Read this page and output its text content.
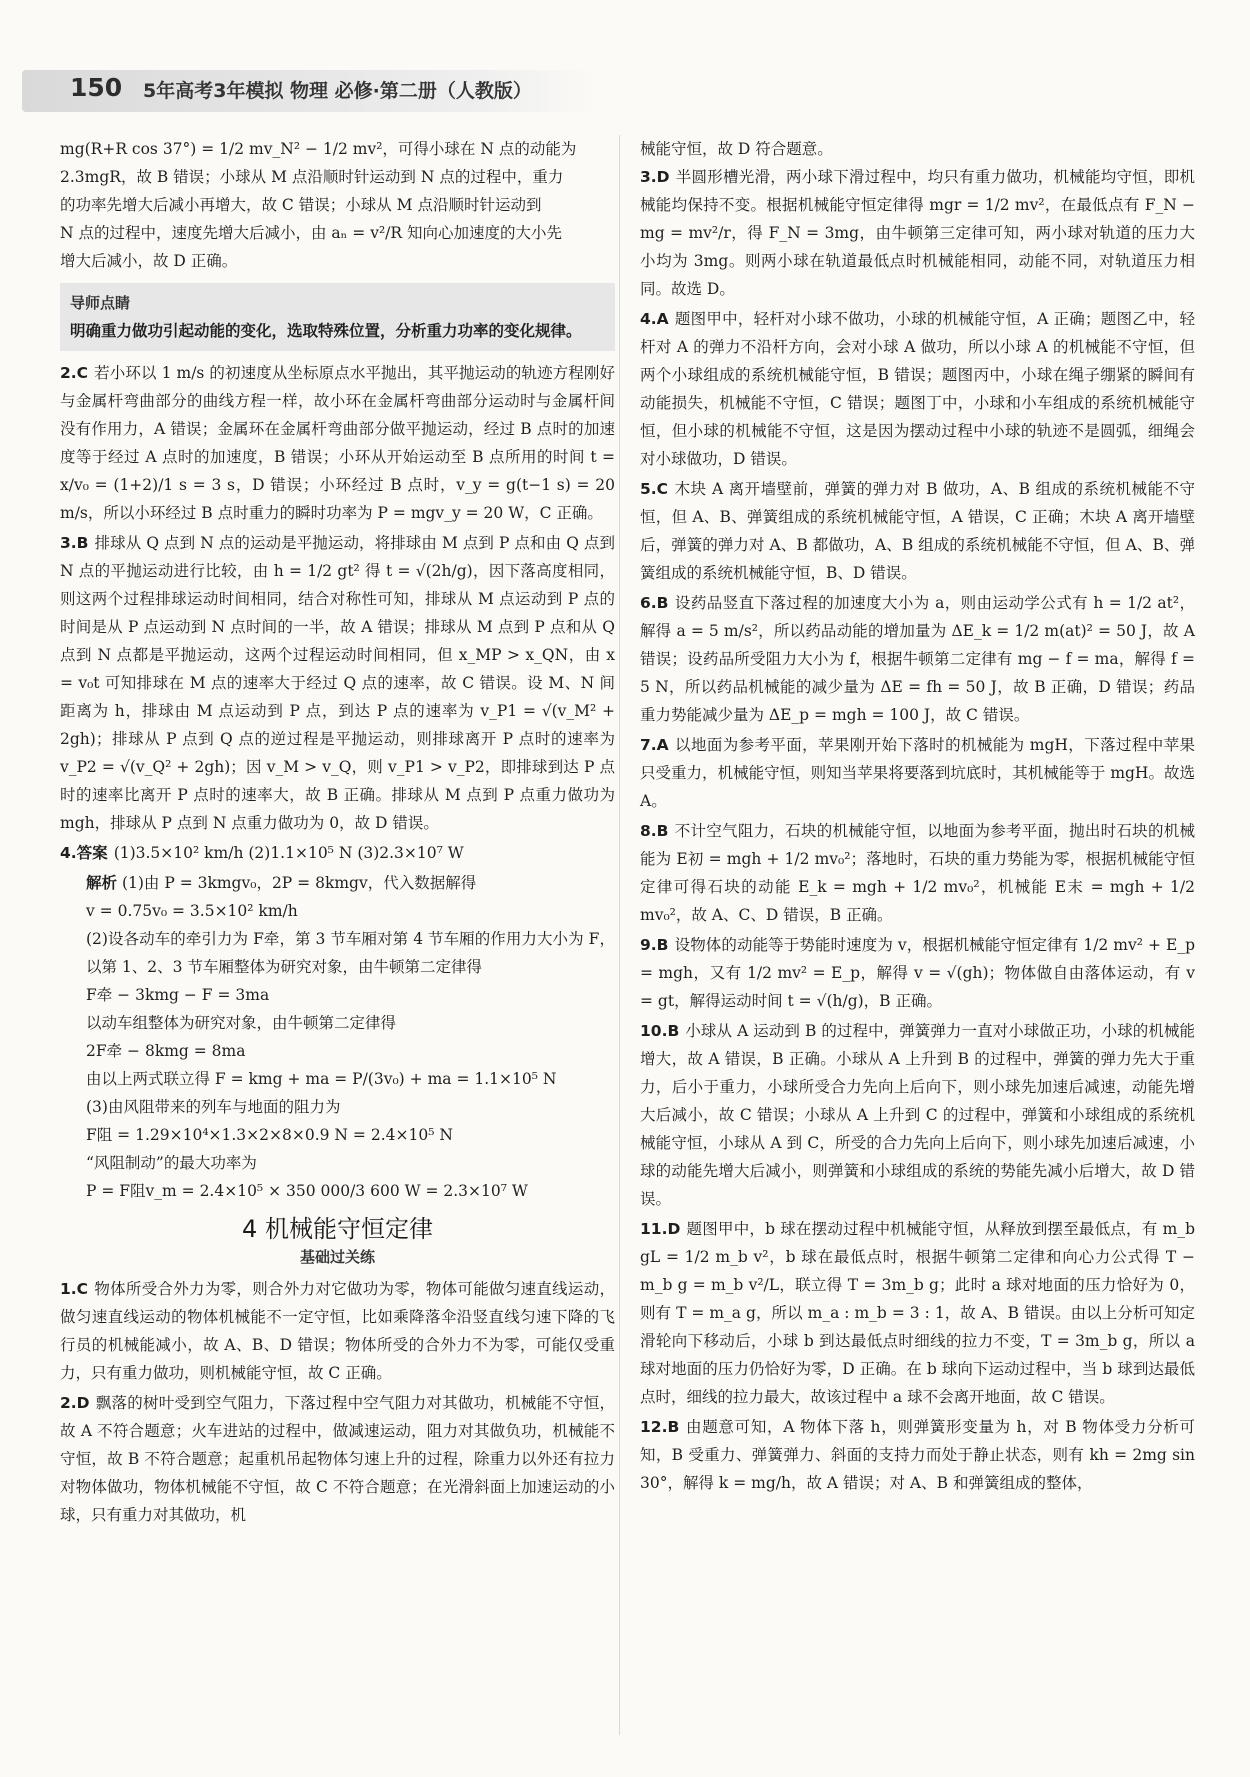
150 5年高考3年模拟 物理 必修·第二册（人教版）

mg(R+R cos 37°) = 1/2 mv_N² − 1/2 mv²，可得小球在 N 点的动能为

2.3mgR，故 B 错误；小球从 M 点沿顺时针运动到 N 点的过程中，重力

的功率先增大后减小再增大，故 C 错误；小球从 M 点沿顺时针运动到

N 点的过程中，速度先增大后减小，由 aₙ = v²/R 知向心加速度的大小先

增大后减小，故 D 正确。

导师点睛
明确重力做功引起动能的变化，选取特殊位置，分析重力功率的变化规律。

2.C 若小环以 1 m/s 的初速度从坐标原点水平抛出，其平抛运动的轨迹方程刚好与金属杆弯曲部分的曲线方程一样，故小环在金属杆弯曲部分运动时与金属杆间没有作用力，A 错误；金属环在金属杆弯曲部分做平抛运动，经过 B 点时的加速度等于经过 A 点时的加速度，B 错误；小环从开始运动至 B 点所用的时间 t = x/v₀ = (1+2)/1 s = 3 s，D 错误；小环经过 B 点时，v_y = g(t−1 s) = 20 m/s，所以小环经过 B 点时重力的瞬时功率为 P = mgv_y = 20 W，C 正确。

3.B 排球从 Q 点到 N 点的运动是平抛运动，将排球由 M 点到 P 点和由 Q 点到 N 点的平抛运动进行比较，由 h = 1/2 gt² 得 t = √(2h/g)，因下落高度相同，则这两个过程排球运动时间相同，结合对称性可知，排球从 M 点运动到 P 点的时间是从 P 点运动到 N 点时间的一半，故 A 错误；排球从 M 点到 P 点和从 Q 点到 N 点都是平抛运动，这两个过程运动时间相同，但 x_MP > x_QN，由 x = v₀t 可知排球在 M 点的速率大于经过 Q 点的速率，故 C 错误。设 M、N 间距离为 h，排球由 M 点运动到 P 点，到达 P 点的速率为 v_P1 = √(v_M² + 2gh)；排球从 P 点到 Q 点的逆过程是平抛运动，则排球离开 P 点时的速率为 v_P2 = √(v_Q² + 2gh)；因 v_M > v_Q，则 v_P1 > v_P2，即排球到达 P 点时的速率比离开 P 点时的速率大，故 B 正确。排球从 M 点到 P 点重力做功为 mgh，排球从 P 点到 N 点重力做功为 0，故 D 错误。

4.答案 (1)3.5×10² km/h (2)1.1×10⁵ N (3)2.3×10⁷ W

解析 (1)由 P = 3kmgv₀，2P = 8kmgv，代入数据解得

v = 0.75v₀ = 3.5×10² km/h

(2)设各动车的牵引力为 F牵，第 3 节车厢对第 4 节车厢的作用力大小为 F，以第 1、2、3 节车厢整体为研究对象，由牛顿第二定律得

F牵 − 3kmg − F = 3ma

以动车组整体为研究对象，由牛顿第二定律得

2F牵 − 8kmg = 8ma

由以上两式联立得 F = kmg + ma = P/(3v₀) + ma = 1.1×10⁵ N

(3)由风阻带来的列车与地面的阻力为

F阻 = 1.29×10⁴×1.3×2×8×0.9 N = 2.4×10⁵ N

“风阻制动”的最大功率为

P = F阻v_m = 2.4×10⁵ × 350 000/3 600 W = 2.3×10⁷ W

4 机械能守恒定律
基础过关练

1.C 物体所受合外力为零，则合外力对它做功为零，物体可能做匀速直线运动，做匀速直线运动的物体机械能不一定守恒，比如乘降落伞沿竖直线匀速下降的飞行员的机械能减小，故 A、B、D 错误；物体所受的合外力不为零，可能仅受重力，只有重力做功，则机械能守恒，故 C 正确。

2.D 飘落的树叶受到空气阻力，下落过程中空气阻力对其做功，机械能不守恒，故 A 不符合题意；火车进站的过程中，做减速运动，阻力对其做负功，机械能不守恒，故 B 不符合题意；起重机吊起物体匀速上升的过程，除重力以外还有拉力对物体做功，物体机械能不守恒，故 C 不符合题意；在光滑斜面上加速运动的小球，只有重力对其做功，机

械能守恒，故 D 符合题意。

3.D 半圆形槽光滑，两小球下滑过程中，均只有重力做功，机械能均守恒，即机械能均保持不变。根据机械能守恒定律得 mgr = 1/2 mv²，在最低点有 F_N − mg = mv²/r，得 F_N = 3mg，由牛顿第三定律可知，两小球对轨道的压力大小均为 3mg。则两小球在轨道最低点时机械能相同，动能不同，对轨道压力相同。故选 D。

4.A 题图甲中，轻杆对小球不做功，小球的机械能守恒，A 正确；题图乙中，轻杆对 A 的弹力不沿杆方向，会对小球 A 做功，所以小球 A 的机械能不守恒，但两个小球组成的系统机械能守恒，B 错误；题图丙中，小球在绳子绷紧的瞬间有动能损失，机械能不守恒，C 错误；题图丁中，小球和小车组成的系统机械能守恒，但小球的机械能不守恒，这是因为摆动过程中小球的轨迹不是圆弧，细绳会对小球做功，D 错误。

5.C 木块 A 离开墙壁前，弹簧的弹力对 B 做功，A、B 组成的系统机械能不守恒，但 A、B、弹簧组成的系统机械能守恒，A 错误，C 正确；木块 A 离开墙壁后，弹簧的弹力对 A、B 都做功，A、B 组成的系统机械能不守恒，但 A、B、弹簧组成的系统机械能守恒，B、D 错误。

6.B 设药品竖直下落过程的加速度大小为 a，则由运动学公式有 h = 1/2 at²，解得 a = 5 m/s²，所以药品动能的增加量为 ΔE_k = 1/2 m(at)² = 50 J，故 A 错误；设药品所受阻力大小为 f，根据牛顿第二定律有 mg − f = ma，解得 f = 5 N，所以药品机械能的减少量为 ΔE = fh = 50 J，故 B 正确，D 错误；药品重力势能减少量为 ΔE_p = mgh = 100 J，故 C 错误。

7.A 以地面为参考平面，苹果刚开始下落时的机械能为 mgH，下落过程中苹果只受重力，机械能守恒，则知当苹果将要落到坑底时，其机械能等于 mgH。故选 A。

8.B 不计空气阻力，石块的机械能守恒，以地面为参考平面，抛出时石块的机械能为 E初 = mgh + 1/2 mv₀²；落地时，石块的重力势能为零，根据机械能守恒定律可得石块的动能 E_k = mgh + 1/2 mv₀²，机械能 E末 = mgh + 1/2 mv₀²，故 A、C、D 错误，B 正确。

9.B 设物体的动能等于势能时速度为 v，根据机械能守恒定律有 1/2 mv² + E_p = mgh，又有 1/2 mv² = E_p，解得 v = √(gh)；物体做自由落体运动，有 v = gt，解得运动时间 t = √(h/g)，B 正确。

10.B 小球从 A 运动到 B 的过程中，弹簧弹力一直对小球做正功，小球的机械能增大，故 A 错误，B 正确。小球从 A 上升到 B 的过程中，弹簧的弹力先大于重力，后小于重力，小球所受合力先向上后向下，则小球先加速后减速，动能先增大后减小，故 C 错误；小球从 A 上升到 C 的过程中，弹簧和小球组成的系统机械能守恒，小球从 A 到 C，所受的合力先向上后向下，则小球先加速后减速，小球的动能先增大后减小，则弹簧和小球组成的系统的势能先减小后增大，故 D 错误。

11.D 题图甲中，b 球在摆动过程中机械能守恒，从释放到摆至最低点，有 m_b gL = 1/2 m_b v²，b 球在最低点时，根据牛顿第二定律和向心力公式得 T − m_b g = m_b v²/L，联立得 T = 3m_b g；此时 a 球对地面的压力恰好为 0，则有 T = m_a g，所以 m_a : m_b = 3 : 1，故 A、B 错误。由以上分析可知定滑轮向下移动后，小球 b 到达最低点时细线的拉力不变，T = 3m_b g，所以 a 球对地面的压力仍恰好为零，D 正确。在 b 球向下运动过程中，当 b 球到达最低点时，细线的拉力最大，故该过程中 a 球不会离开地面，故 C 错误。

12.B 由题意可知，A 物体下落 h，则弹簧形变量为 h，对 B 物体受力分析可知，B 受重力、弹簧弹力、斜面的支持力而处于静止状态，则有 kh = 2mg sin 30°，解得 k = mg/h，故 A 错误；对 A、B 和弹簧组成的整体，
